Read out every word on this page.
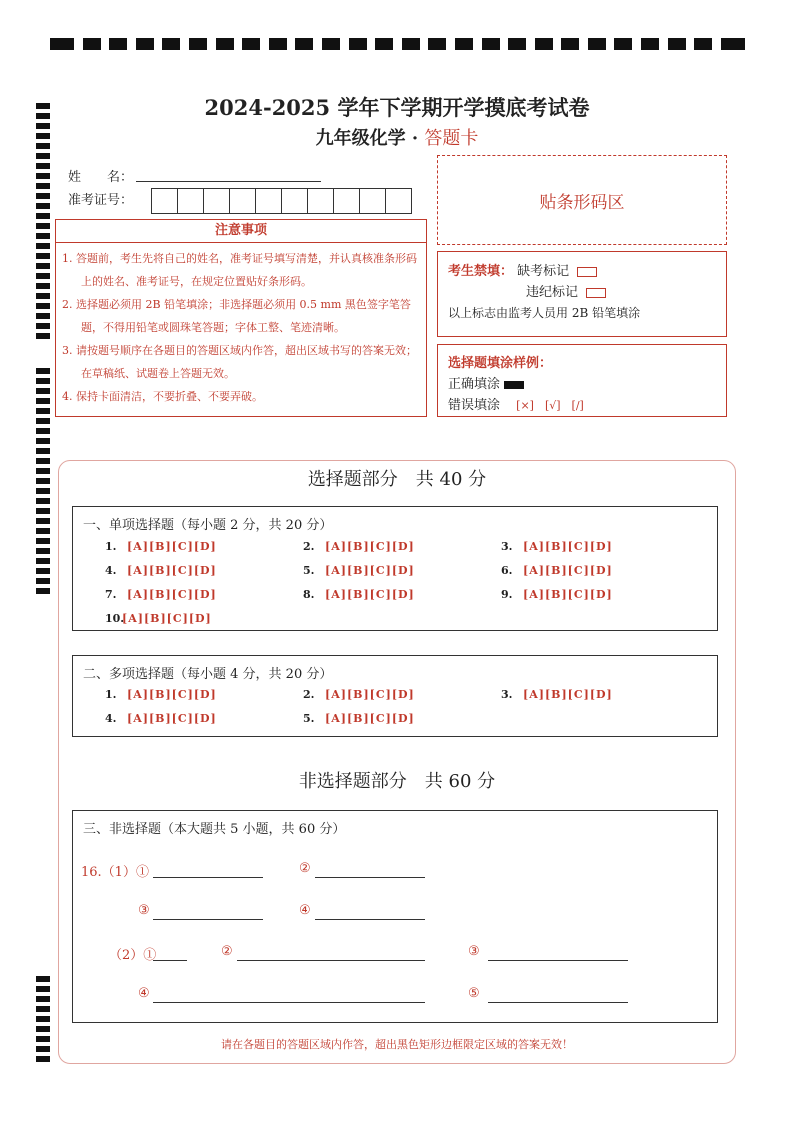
2024-2025 学年下学期开学摸底考试卷
九年级化学 · 答题卡
姓　　名：
准考证号：	贴条形码区
注意事项
1. 答题前，考生先将自己的姓名，准考证号填写清楚，并认真核准条形码上的姓名、准考证号，在规定位置贴好条形码。
2. 选择题必须用 2B 铅笔填涂；非选择题必须用 0.5 mm 黑色签字笔答题，不得用铅笔或圆珠笔答题；字体工整、笔迹清晰。
3. 请按题号顺序在各题目的答题区域内作答，超出区域书写的答案无效；在草稿纸、试题卷上答题无效。
4. 保持卡面清洁，不要折叠、不要弄破。
考生禁填： 缺考标记
违纪标记
以上标志由监考人员用 2B 铅笔填涂
选择题填涂样例：
正确填涂
错误填涂 [×]　[√]　[/]
选择题部分　共 40 分
一、单项选择题（每小题 2 分，共 20 分）
1. [A][B][C][D]	2. [A][B][C][D]	3. [A][B][C][D]
4. [A][B][C][D]	5. [A][B][C][D]	6. [A][B][C][D]
7. [A][B][C][D]	8. [A][B][C][D]	9. [A][B][C][D]
10.[A][B][C][D]
二、多项选择题（每小题 4 分，共 20 分）
1. [A][B][C][D]	2. [A][B][C][D]	3. [A][B][C][D]
4. [A][B][C][D]	5. [A][B][C][D]
非选择题部分　共 60 分
三、非选择题（本大题共 5 小题，共 60 分）
16.（1）①	②
③	④
（2）①	②	③
④	⑤
请在各题目的答题区域内作答，超出黑色矩形边框限定区域的答案无效！
